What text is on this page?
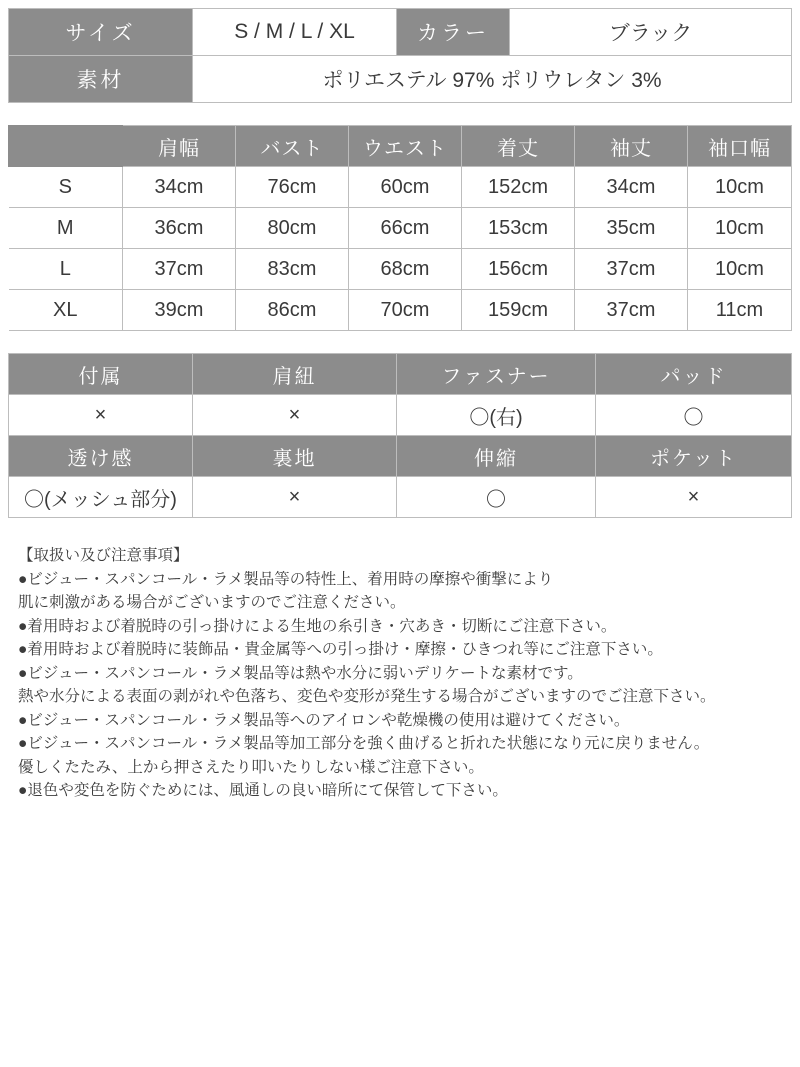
サイズ	S / M / L / XL	カラー	ブラック
素材	ポリエステル 97% ポリウレタン 3%		
	肩幅	バスト	ウエスト	着丈	袖丈	袖口幅
S	34cm	76cm	60cm	152cm	34cm	10cm
M	36cm	80cm	66cm	153cm	35cm	10cm
L	37cm	83cm	68cm	156cm	37cm	10cm
XL	39cm	86cm	70cm	159cm	37cm	11cm
付属	肩紐	ファスナー	パッド
×	×	〇(右)	〇
透け感	裏地	伸縮	ポケット
〇(メッシュ部分)	×	〇	×

【取扱い及び注意事項】

●ビジュー・スパンコール・ラメ製品等の特性上、着用時の摩擦や衝撃により

肌に刺激がある場合がございますのでご注意ください。

●着用時および着脱時の引っ掛けによる生地の糸引き・穴あき・切断にご注意下さい。

●着用時および着脱時に装飾品・貴金属等への引っ掛け・摩擦・ひきつれ等にご注意下さい。

●ビジュー・スパンコール・ラメ製品等は熱や水分に弱いデリケートな素材です。

熱や水分による表面の剥がれや色落ち、変色や変形が発生する場合がございますのでご注意下さい。

●ビジュー・スパンコール・ラメ製品等へのアイロンや乾燥機の使用は避けてください。

●ビジュー・スパンコール・ラメ製品等加工部分を強く曲げると折れた状態になり元に戻りません。

優しくたたみ、上から押さえたり叩いたりしない様ご注意下さい。

●退色や変色を防ぐためには、風通しの良い暗所にて保管して下さい。
